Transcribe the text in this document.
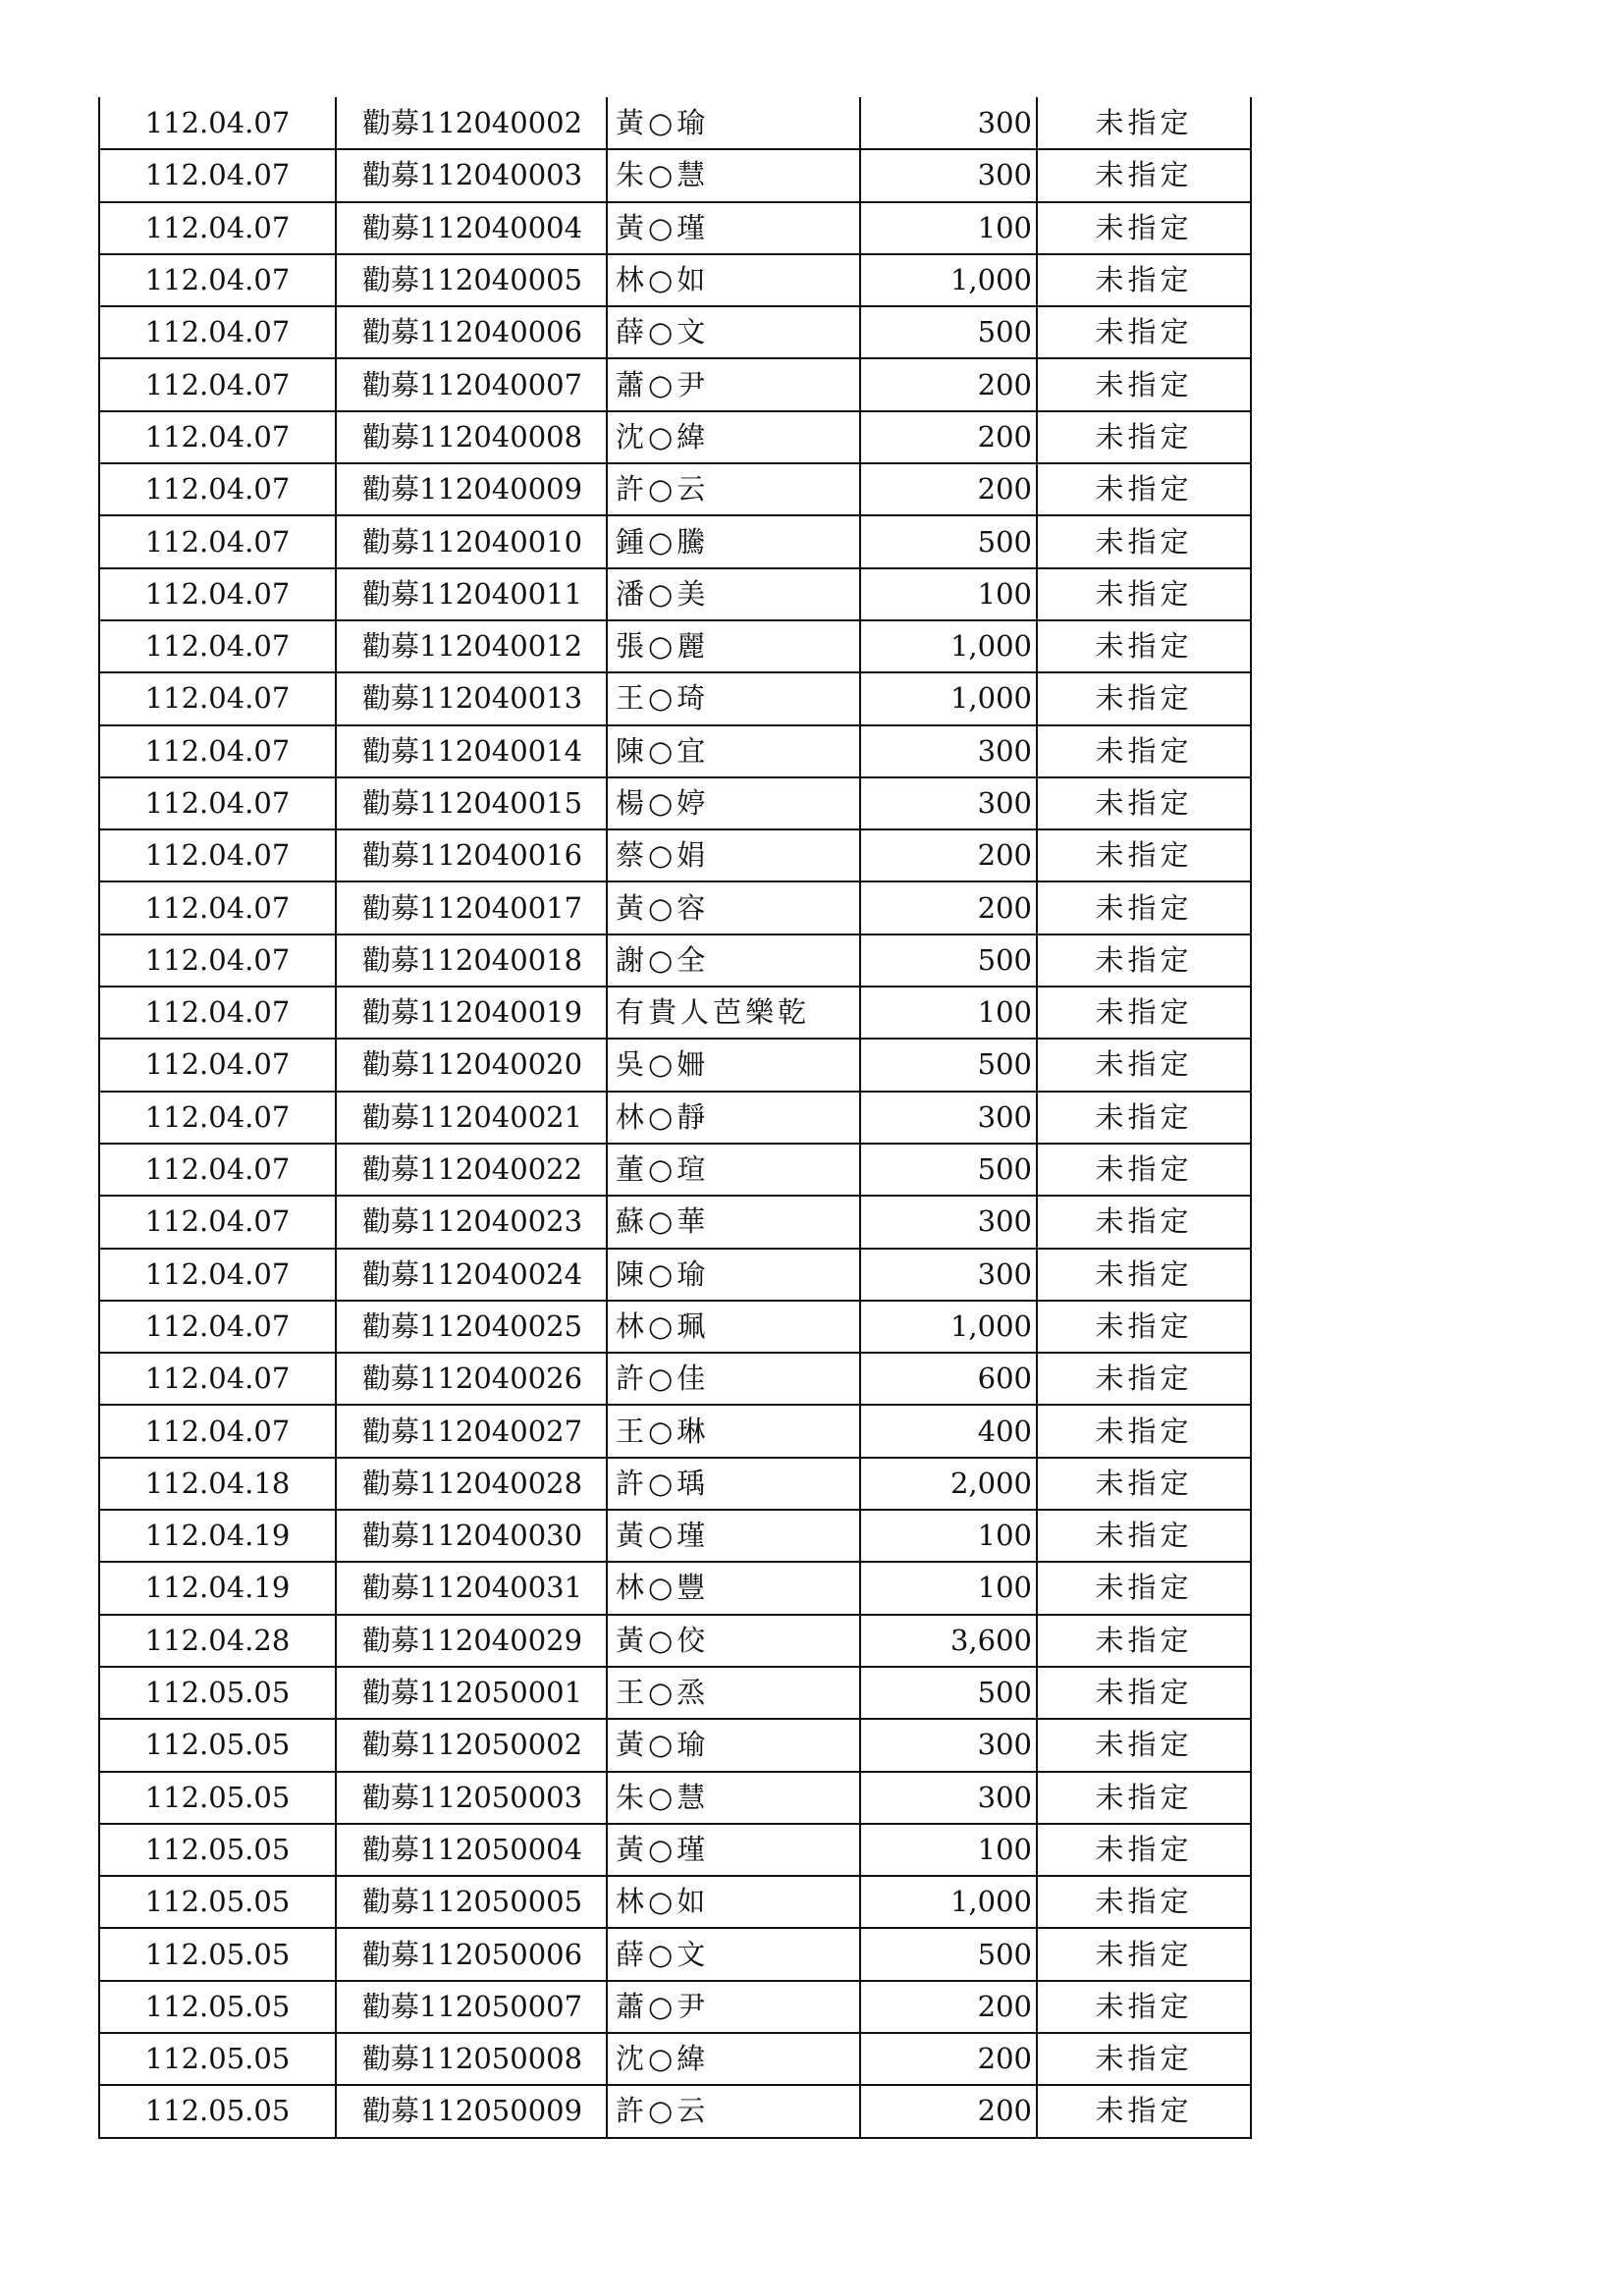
112.04.07	勸募112040002	黃○瑜	300	未指定
112.04.07	勸募112040003	朱○慧	300	未指定
112.04.07	勸募112040004	黃○瑾	100	未指定
112.04.07	勸募112040005	林○如	1,000	未指定
112.04.07	勸募112040006	薛○文	500	未指定
112.04.07	勸募112040007	蕭○尹	200	未指定
112.04.07	勸募112040008	沈○緯	200	未指定
112.04.07	勸募112040009	許○云	200	未指定
112.04.07	勸募112040010	鍾○騰	500	未指定
112.04.07	勸募112040011	潘○美	100	未指定
112.04.07	勸募112040012	張○麗	1,000	未指定
112.04.07	勸募112040013	王○琦	1,000	未指定
112.04.07	勸募112040014	陳○宜	300	未指定
112.04.07	勸募112040015	楊○婷	300	未指定
112.04.07	勸募112040016	蔡○娟	200	未指定
112.04.07	勸募112040017	黃○容	200	未指定
112.04.07	勸募112040018	謝○全	500	未指定
112.04.07	勸募112040019	有貴人芭樂乾	100	未指定
112.04.07	勸募112040020	吳○姍	500	未指定
112.04.07	勸募112040021	林○靜	300	未指定
112.04.07	勸募112040022	董○瑄	500	未指定
112.04.07	勸募112040023	蘇○華	300	未指定
112.04.07	勸募112040024	陳○瑜	300	未指定
112.04.07	勸募112040025	林○珮	1,000	未指定
112.04.07	勸募112040026	許○佳	600	未指定
112.04.07	勸募112040027	王○琳	400	未指定
112.04.18	勸募112040028	許○瑀	2,000	未指定
112.04.19	勸募112040030	黃○瑾	100	未指定
112.04.19	勸募112040031	林○豐	100	未指定
112.04.28	勸募112040029	黃○佼	3,600	未指定
112.05.05	勸募112050001	王○烝	500	未指定
112.05.05	勸募112050002	黃○瑜	300	未指定
112.05.05	勸募112050003	朱○慧	300	未指定
112.05.05	勸募112050004	黃○瑾	100	未指定
112.05.05	勸募112050005	林○如	1,000	未指定
112.05.05	勸募112050006	薛○文	500	未指定
112.05.05	勸募112050007	蕭○尹	200	未指定
112.05.05	勸募112050008	沈○緯	200	未指定
112.05.05	勸募112050009	許○云	200	未指定
